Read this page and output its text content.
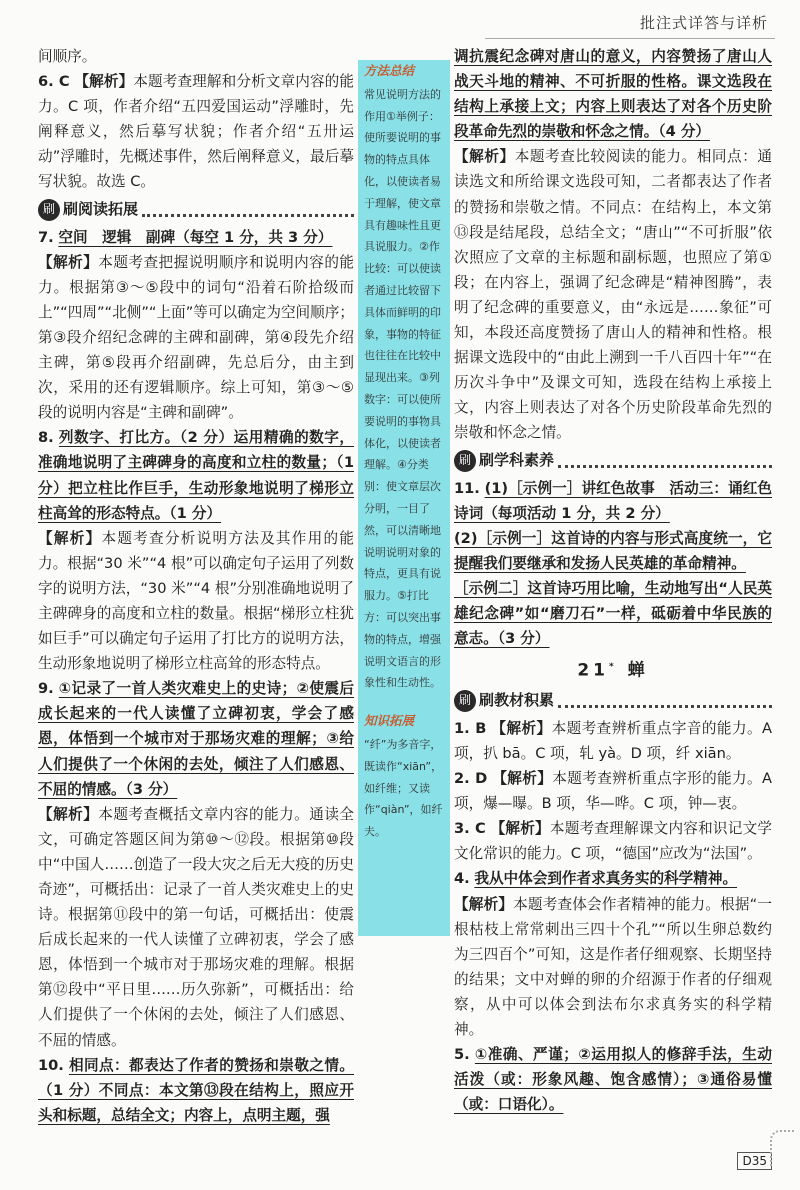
批注式详答与详析

间顺序。

6. C 【解析】本题考查理解和分析文章内容的能力。C 项，作者介绍“五四爱国运动”浮雕时，先阐释意义，然后摹写状貌；作者介绍“五卅运动”浮雕时，先概述事件，然后阐释意义，最后摹写状貌。故选 C。

刷 刷阅读拓展

7. 空间　逻辑　副碑（每空 1 分，共 3 分）
【解析】本题考查把握说明顺序和说明内容的能力。根据第③～⑤段中的词句“沿着石阶拾级而上”“四周”“北侧”“上面”等可以确定为空间顺序；第③段介绍纪念碑的主碑和副碑，第④段先介绍主碑，第⑤段再介绍副碑，先总后分，由主到次，采用的还有逻辑顺序。综上可知，第③～⑤段的说明内容是“主碑和副碑”。

8. 列数字、打比方。（2 分）运用精确的数字，准确地说明了主碑碑身的高度和立柱的数量；（1 分）把立柱比作巨手，生动形象地说明了梯形立柱高耸的形态特点。（1 分）
【解析】本题考查分析说明方法及其作用的能力。根据“30 米”“4 根”可以确定句子运用了列数字的说明方法，“30 米”“4 根”分别准确地说明了主碑碑身的高度和立柱的数量。根据“梯形立柱犹如巨手”可以确定句子运用了打比方的说明方法，生动形象地说明了梯形立柱高耸的形态特点。

9. ①记录了一首人类灾难史上的史诗；②使震后成长起来的一代人读懂了立碑初衷，学会了感恩，体悟到一个城市对于那场灾难的理解；③给人们提供了一个休闲的去处，倾注了人们感恩、不屈的情感。（3 分）
【解析】本题考查概括文章内容的能力。通读全文，可确定答题区间为第⑩～⑫段。根据第⑩段中“中国人……创造了一段大灾之后无大疫的历史奇迹”，可概括出：记录了一首人类灾难史上的史诗。根据第⑪段中的第一句话，可概括出：使震后成长起来的一代人读懂了立碑初衷，学会了感恩，体悟到一个城市对于那场灾难的理解。根据第⑫段中“平日里……历久弥新”，可概括出：给人们提供了一个休闲的去处，倾注了人们感恩、不屈的情感。

10. 相同点：都表达了作者的赞扬和崇敬之情。（1 分）不同点：本文第⑬段在结构上，照应开头和标题，总结全文；内容上，点明主题，强

方法总结

常见说明方法的作用①举例子：使所要说明的事物的特点具体化，以使读者易于理解，使文章具有趣味性且更具说服力。②作比较：可以使读者通过比较留下具体而鲜明的印象，事物的特征也往往在比较中显现出来。③列数字：可以使所要说明的事物具体化，以使读者理解。④分类别：使文章层次分明，一目了然，可以清晰地说明说明对象的特点，更具有说服力。⑤打比方：可以突出事物的特点，增强说明文语言的形象性和生动性。

知识拓展

“纤”为多音字，既读作“xiān”，如纤维；又读作“qiàn”，如纤夫。

调抗震纪念碑对唐山的意义，内容赞扬了唐山人战天斗地的精神、不可折服的性格。课文选段在结构上承接上文；内容上则表达了对各个历史阶段革命先烈的崇敬和怀念之情。（4 分）
【解析】本题考查比较阅读的能力。相同点：通读选文和所给课文选段可知，二者都表达了作者的赞扬和崇敬之情。不同点：在结构上，本文第⑬段是结尾段，总结全文；“唐山”“不可折服”依次照应了文章的主标题和副标题，也照应了第①段；在内容上，强调了纪念碑是“精神图腾”，表明了纪念碑的重要意义，由“永远是……象征”可知，本段还高度赞扬了唐山人的精神和性格。根据课文选段中的“由此上溯到一千八百四十年”“在历次斗争中”及课文可知，选段在结构上承接上文，内容上则表达了对各个历史阶段革命先烈的崇敬和怀念之情。

刷 刷学科素养

11. (1)［示例一］讲红色故事　活动三：诵红色诗词（每项活动 1 分，共 2 分）
(2)［示例一］这首诗的内容与形式高度统一，它提醒我们要继承和发扬人民英雄的革命精神。
［示例二］这首诗巧用比喻，生动地写出“人民英雄纪念碑”如“磨刀石”一样，砥砺着中华民族的意志。（3 分）

21* 蝉
刷 刷教材积累

1. B 【解析】本题考查辨析重点字音的能力。A 项，扒 bā。C 项，轧 yà。D 项，纤 xiān。

2. D 【解析】本题考查辨析重点字形的能力。A 项，爆—曝。B 项，华—哗。C 项，钟—衷。

3. C 【解析】本题考查理解课文内容和识记文学文化常识的能力。C 项，“德国”应改为“法国”。

4. 我从中体会到作者求真务实的科学精神。
【解析】本题考查体会作者精神的能力。根据“一根枯枝上常常刺出三四十个孔”“所以生卵总数约为三四百个”可知，这是作者仔细观察、长期坚持的结果；文中对蝉的卵的介绍源于作者的仔细观察，从中可以体会到法布尔求真务实的科学精神。

5. ①准确、严谨；②运用拟人的修辞手法，生动活泼（或：形象风趣、饱含感情）；③通俗易懂（或：口语化）。

D35
